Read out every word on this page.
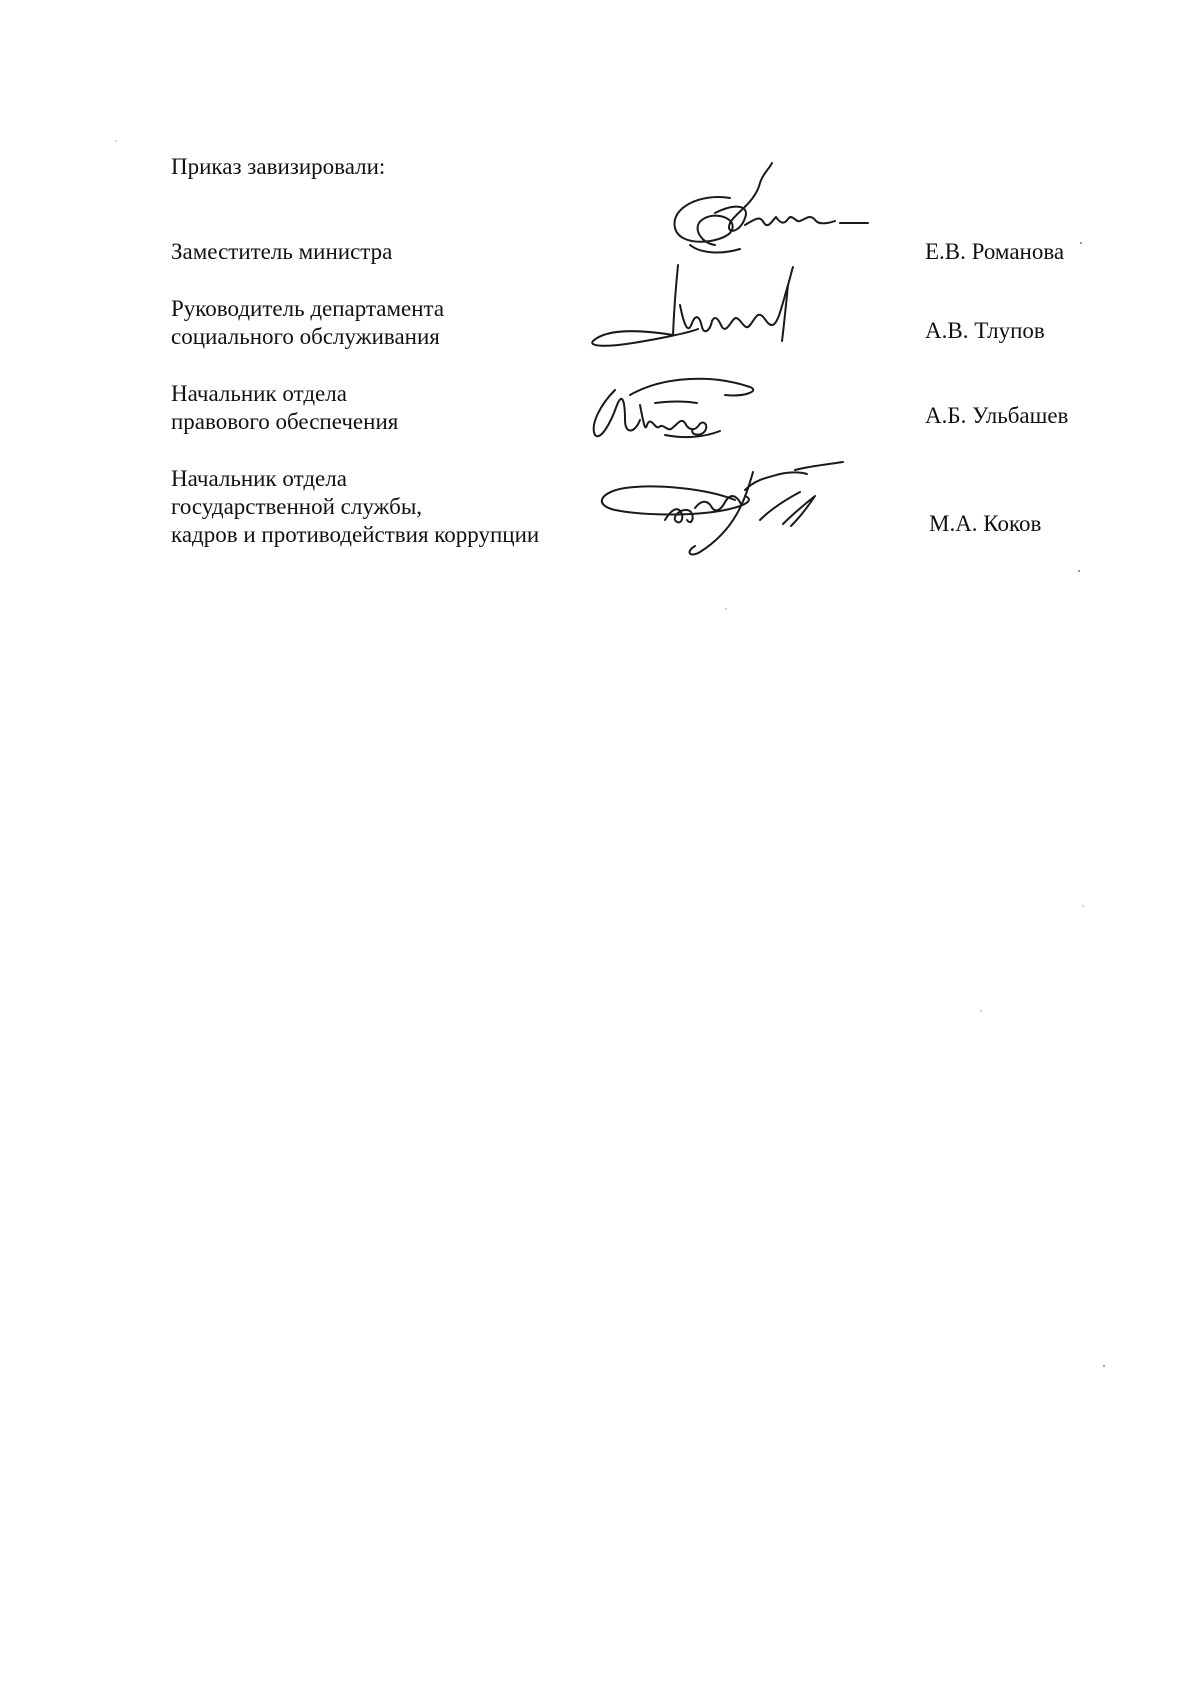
Приказ завизировали:
Заместитель министра	Е.В. Романова
Руководитель департамента
социального обслуживания	А.В. Тлупов
Начальник отдела
правового обеспечения	А.Б. Ульбашев
Начальник отдела
государственной службы,
кадров и противодействия коррупции	М.А. Коков
